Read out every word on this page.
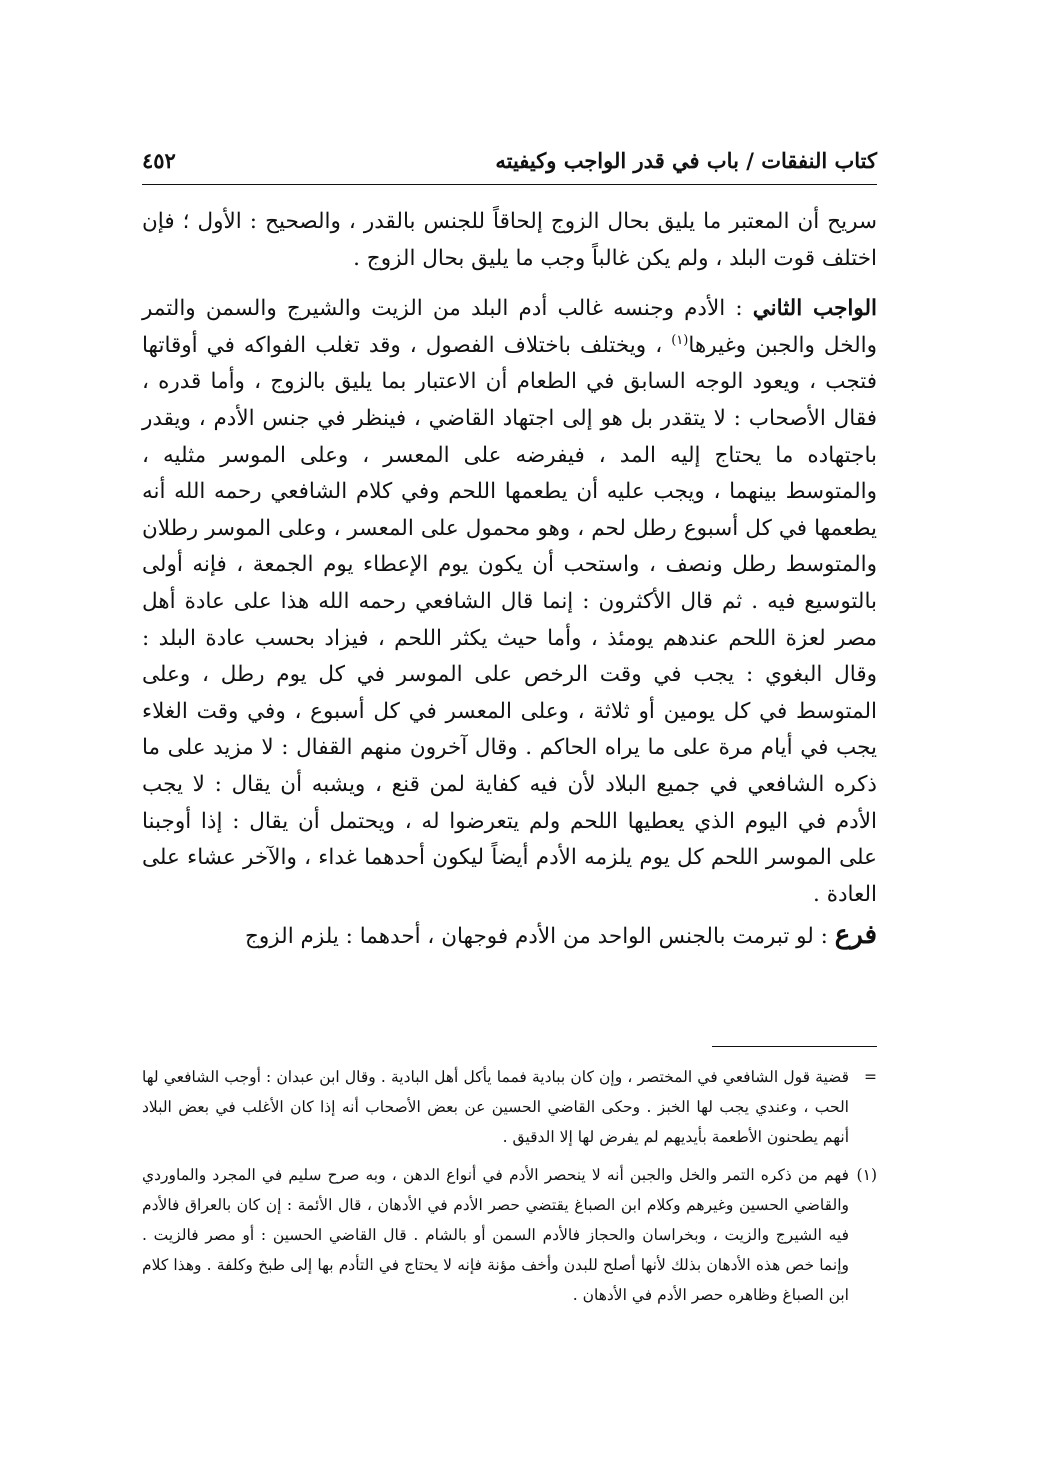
كتاب النفقات / باب في قدر الواجب وكيفيته
٤٥٢

سريح أن المعتبر ما يليق بحال الزوج إلحاقاً للجنس بالقدر ، والصحيح : الأول ؛ فإن اختلف قوت البلد ، ولم يكن غالباً وجب ما يليق بحال الزوج .

الواجب الثاني : الأدم وجنسه غالب أدم البلد من الزيت والشيرج والسمن والتمر والخل والجبن وغيرها$^{(١)}$ ، ويختلف باختلاف الفصول ، وقد تغلب الفواكه في أوقاتها فتجب ، ويعود الوجه السابق في الطعام أن الاعتبار بما يليق بالزوج ، وأما قدره ، فقال الأصحاب : لا يتقدر بل هو إلى اجتهاد القاضي ، فينظر في جنس الأدم ، ويقدر باجتهاده ما يحتاج إليه المد ، فيفرضه على المعسر ، وعلى الموسر مثليه ، والمتوسط بينهما ، ويجب عليه أن يطعمها اللحم وفي كلام الشافعي رحمه الله أنه يطعمها في كل أسبوع رطل لحم ، وهو محمول على المعسر ، وعلى الموسر رطلان والمتوسط رطل ونصف ، واستحب أن يكون يوم الإعطاء يوم الجمعة ، فإنه أولى بالتوسيع فيه . ثم قال الأكثرون : إنما قال الشافعي رحمه الله هذا على عادة أهل مصر لعزة اللحم عندهم يومئذ ، وأما حيث يكثر اللحم ، فيزاد بحسب عادة البلد : وقال البغوي : يجب في وقت الرخص على الموسر في كل يوم رطل ، وعلى المتوسط في كل يومين أو ثلاثة ، وعلى المعسر في كل أسبوع ، وفي وقت الغلاء يجب في أيام مرة على ما يراه الحاكم . وقال آخرون منهم القفال : لا مزيد على ما ذكره الشافعي في جميع البلاد لأن فيه كفاية لمن قنع ، ويشبه أن يقال : لا يجب الأدم في اليوم الذي يعطيها اللحم ولم يتعرضوا له ، ويحتمل أن يقال : إذا أوجبنا على الموسر اللحم كل يوم يلزمه الأدم أيضاً ليكون أحدهما غداء ، والآخر عشاء على العادة .

فرع : لو تبرمت بالجنس الواحد من الأدم فوجهان ، أحدهما : يلزم الزوج

=
قضية قول الشافعي في المختصر ، وإن كان ببادية فمما يأكل أهل البادية . وقال ابن عبدان : أوجب الشافعي لها الحب ، وعندي يجب لها الخبز . وحكى القاضي الحسين عن بعض الأصحاب أنه إذا كان الأغلب في بعض البلاد أنهم يطحنون الأطعمة بأيديهم لم يفرض لها إلا الدقيق .
(١)
فهم من ذكره التمر والخل والجبن أنه لا ينحصر الأدم في أنواع الدهن ، وبه صرح سليم في المجرد والماوردي والقاضي الحسين وغيرهم وكلام ابن الصباغ يقتضي حصر الأدم في الأدهان ، قال الأئمة : إن كان بالعراق فالأدم فيه الشيرج والزيت ، وبخراسان والحجاز فالأدم السمن أو بالشام . قال القاضي الحسين : أو مصر فالزيت . وإنما خص هذه الأدهان بذلك لأنها أصلح للبدن وأخف مؤنة فإنه لا يحتاج في التأدم بها إلى طبخ وكلفة . وهذا كلام ابن الصباغ وظاهره حصر الأدم في الأدهان .
